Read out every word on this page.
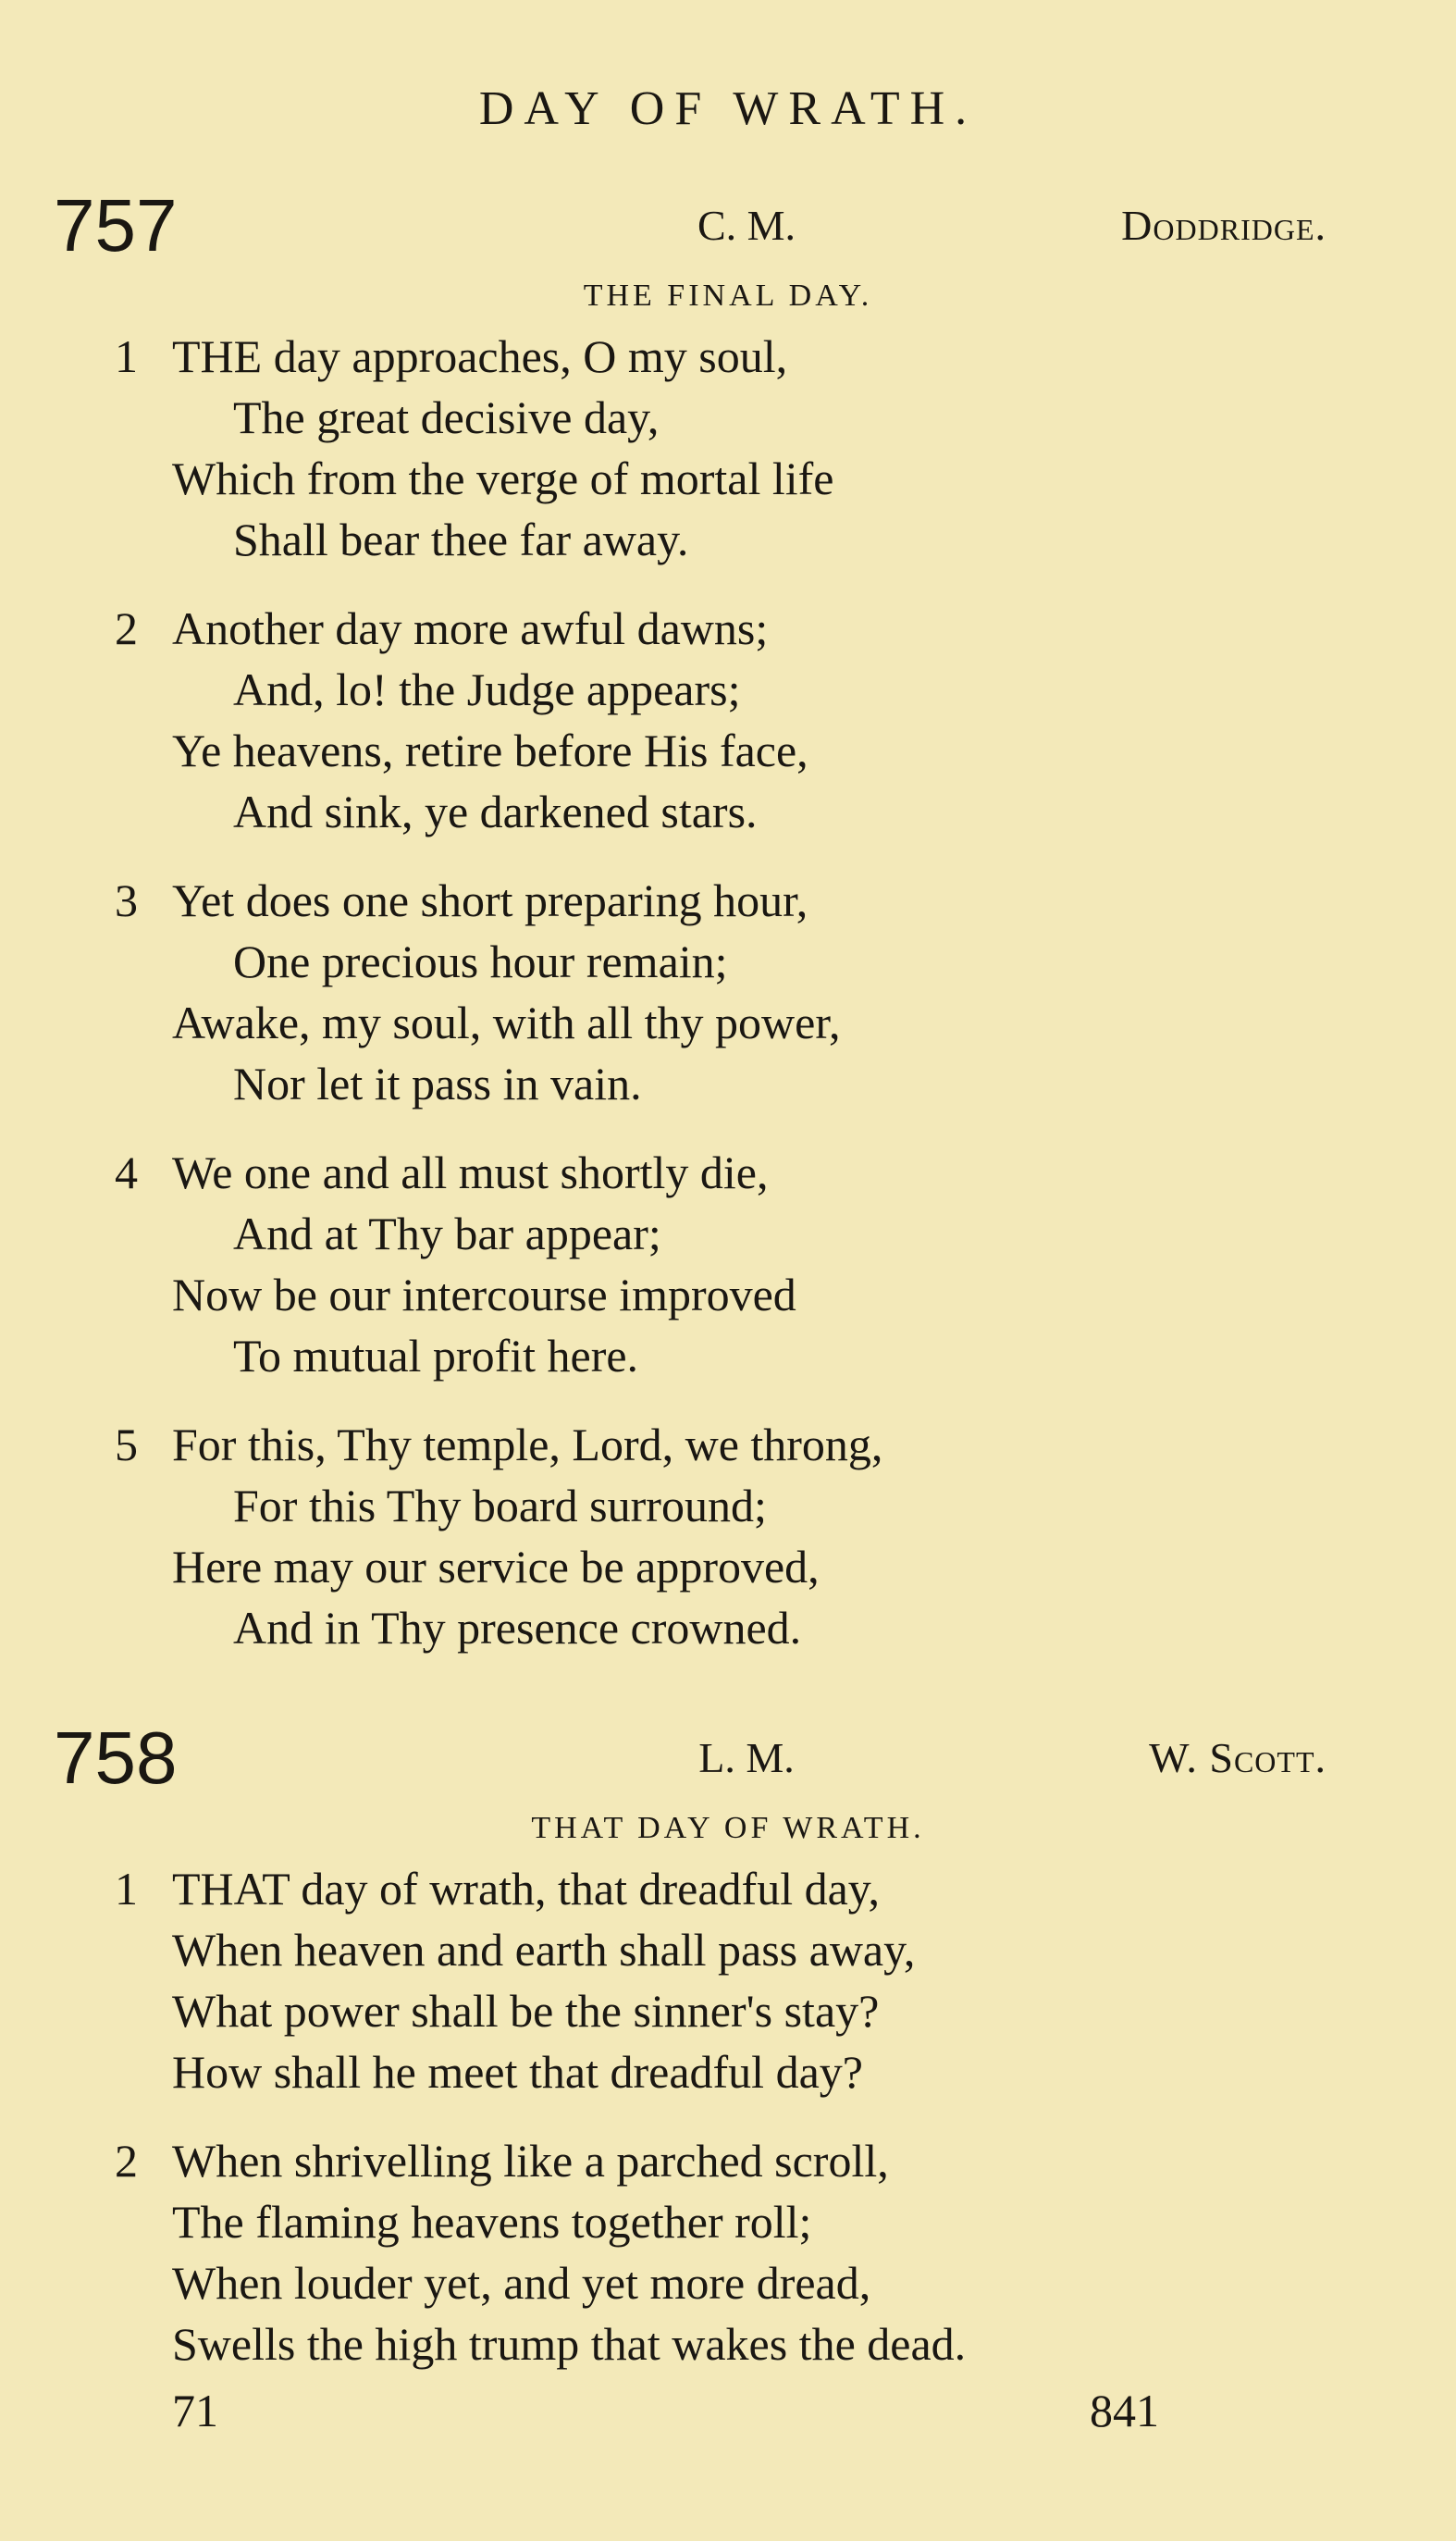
DAY OF WRATH.
757	C. M.	Doddridge.
THE FINAL DAY.
1 THE day approaches, O my soul,
The great decisive day,
Which from the verge of mortal life
Shall bear thee far away.
2 Another day more awful dawns;
And, lo! the Judge appears;
Ye heavens, retire before His face,
And sink, ye darkened stars.
3 Yet does one short preparing hour,
One precious hour remain;
Awake, my soul, with all thy power,
Nor let it pass in vain.
4 We one and all must shortly die,
And at Thy bar appear;
Now be our intercourse improved
To mutual profit here.
5 For this, Thy temple, Lord, we throng,
For this Thy board surround;
Here may our service be approved,
And in Thy presence crowned.
758	L. M.	W. Scott.
THAT DAY OF WRATH.
1 THAT day of wrath, that dreadful day,
When heaven and earth shall pass away,
What power shall be the sinner's stay?
How shall he meet that dreadful day?
2 When shrivelling like a parched scroll,
The flaming heavens together roll;
When louder yet, and yet more dread,
Swells the high trump that wakes the dead.
71	841
